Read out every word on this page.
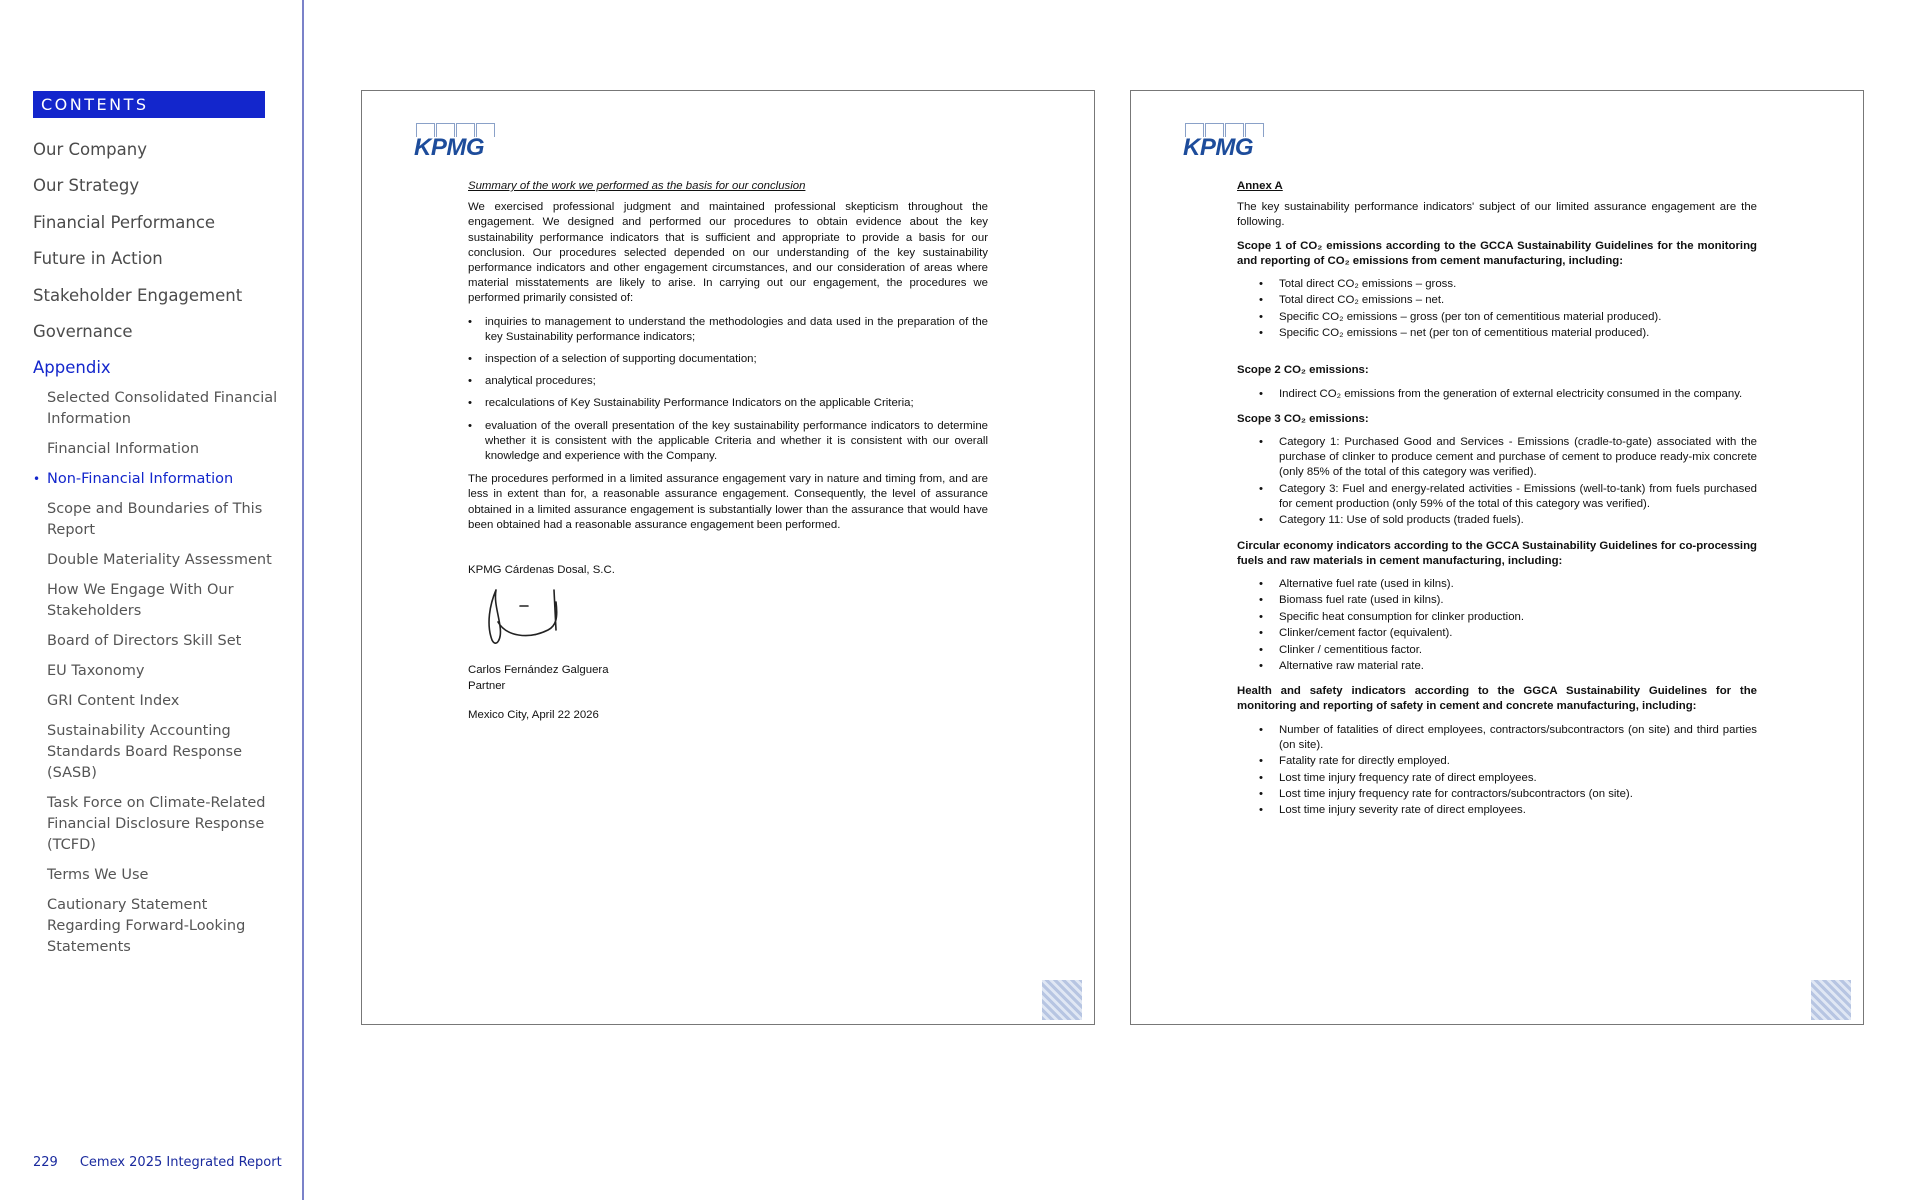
CONTENTS
Our Company
Our Strategy
Financial Performance
Future in Action
Stakeholder Engagement
Governance
Appendix
Selected Consolidated Financial Information
Financial Information
• Non-Financial Information
Scope and Boundaries of This Report
Double Materiality Assessment
How We Engage With Our Stakeholders
Board of Directors Skill Set
EU Taxonomy
GRI Content Index
Sustainability Accounting Standards Board Response (SASB)
Task Force on Climate-Related Financial Disclosure Response (TCFD)
Terms We Use
Cautionary Statement Regarding Forward-Looking Statements
229 Cemex 2025 Integrated Report
KPMG

Summary of the work we performed as the basis for our conclusion

We exercised professional judgment and maintained professional skepticism throughout the engagement. We designed and performed our procedures to obtain evidence about the key sustainability performance indicators that is sufficient and appropriate to provide a basis for our conclusion. Our procedures selected depended on our understanding of the key sustainability performance indicators and other engagement circumstances, and our consideration of areas where material misstatements are likely to arise. In carrying out our engagement, the procedures we performed primarily consisted of:

• inquiries to management to understand the methodologies and data used in the preparation of the key Sustainability performance indicators;
• inspection of a selection of supporting documentation;
• analytical procedures;
• recalculations of Key Sustainability Performance Indicators on the applicable Criteria;
• evaluation of the overall presentation of the key sustainability performance indicators to determine whether it is consistent with the applicable Criteria and whether it is consistent with our overall knowledge and experience with the Company.

The procedures performed in a limited assurance engagement vary in nature and timing from, and are less in extent than for, a reasonable assurance engagement. Consequently, the level of assurance obtained in a limited assurance engagement is substantially lower than the assurance that would have been obtained had a reasonable assurance engagement been performed.

KPMG Cárdenas Dosal, S.C.
Carlos Fernández Galguera
Partner
Mexico City, April 22 2026
KPMG

Annex A

The key sustainability performance indicators' subject of our limited assurance engagement are the following.

Scope 1 of CO₂ emissions according to the GCCA Sustainability Guidelines for the monitoring and reporting of CO₂ emissions from cement manufacturing, including:

• Total direct CO₂ emissions – gross.
• Total direct CO₂ emissions – net.
• Specific CO₂ emissions – gross (per ton of cementitious material produced).
• Specific CO₂ emissions – net (per ton of cementitious material produced).

Scope 2 CO₂ emissions:

• Indirect CO₂ emissions from the generation of external electricity consumed in the company.

Scope 3 CO₂ emissions:

• Category 1: Purchased Good and Services - Emissions (cradle-to-gate) associated with the purchase of clinker to produce cement and purchase of cement to produce ready-mix concrete (only 85% of the total of this category was verified).
• Category 3: Fuel and energy-related activities - Emissions (well-to-tank) from fuels purchased for cement production (only 59% of the total of this category was verified).
• Category 11: Use of sold products (traded fuels).

Circular economy indicators according to the GCCA Sustainability Guidelines for co-processing fuels and raw materials in cement manufacturing, including:

• Alternative fuel rate (used in kilns).
• Biomass fuel rate (used in kilns).
• Specific heat consumption for clinker production.
• Clinker/cement factor (equivalent).
• Clinker / cementitious factor.
• Alternative raw material rate.

Health and safety indicators according to the GGCA Sustainability Guidelines for the monitoring and reporting of safety in cement and concrete manufacturing, including:

• Number of fatalities of direct employees, contractors/subcontractors (on site) and third parties (on site).
• Fatality rate for directly employed.
• Lost time injury frequency rate of direct employees.
• Lost time injury frequency rate for contractors/subcontractors (on site).
• Lost time injury severity rate of direct employees.
